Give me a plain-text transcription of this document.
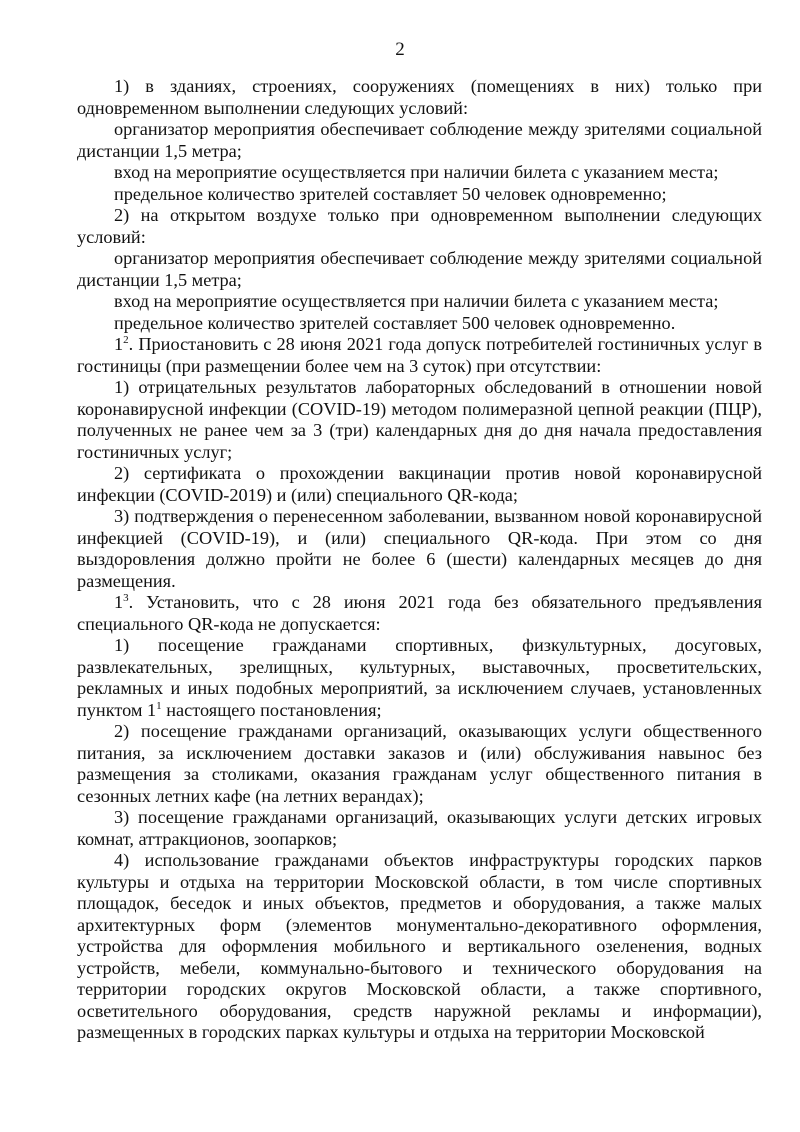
2

1) в зданиях, строениях, сооружениях (помещениях в них) только при одновременном выполнении следующих условий:

организатор мероприятия обеспечивает соблюдение между зрителями социальной дистанции 1,5 метра;

вход на мероприятие осуществляется при наличии билета с указанием места;

предельное количество зрителей составляет 50 человек одновременно;

2) на открытом воздухе только при одновременном выполнении следующих условий:

организатор мероприятия обеспечивает соблюдение между зрителями социальной дистанции 1,5 метра;

вход на мероприятие осуществляется при наличии билета с указанием места;

предельное количество зрителей составляет 500 человек одновременно.

$1^2$. Приостановить с 28 июня 2021 года допуск потребителей гостиничных услуг в гостиницы (при размещении более чем на 3 суток) при отсутствии:

1) отрицательных результатов лабораторных обследований в отношении новой коронавирусной инфекции (COVID-19) методом полимеразной цепной реакции (ПЦР), полученных не ранее чем за 3 (три) календарных дня до дня начала предоставления гостиничных услуг;

2) сертификата о прохождении вакцинации против новой коронавирусной инфекции (COVID-2019) и (или) специального QR-кода;

3) подтверждения о перенесенном заболевании, вызванном новой коронавирусной инфекцией (COVID-19), и (или) специального QR-кода. При этом со дня выздоровления должно пройти не более 6 (шести) календарных месяцев до дня размещения.

$1^3$. Установить, что с 28 июня 2021 года без обязательного предъявления специального QR-кода не допускается:

1) посещение гражданами спортивных, физкультурных, досуговых, развлекательных, зрелищных, культурных, выставочных, просветительских, рекламных и иных подобных мероприятий, за исключением случаев, установленных пунктом $1^1$ настоящего постановления;

2) посещение гражданами организаций, оказывающих услуги общественного питания, за исключением доставки заказов и (или) обслуживания навынос без размещения за столиками, оказания гражданам услуг общественного питания в сезонных летних кафе (на летних верандах);

3) посещение гражданами организаций, оказывающих услуги детских игровых комнат, аттракционов, зоопарков;

4) использование гражданами объектов инфраструктуры городских парков культуры и отдыха на территории Московской области, в том числе спортивных площадок, беседок и иных объектов, предметов и оборудования, а также малых архитектурных форм (элементов монументально-декоративного оформления, устройства для оформления мобильного и вертикального озеленения, водных устройств, мебели, коммунально-бытового и технического оборудования на территории городских округов Московской области, а также спортивного, осветительного оборудования, средств наружной рекламы и информации), размещенных в городских парках культуры и отдыха на территории Московской
